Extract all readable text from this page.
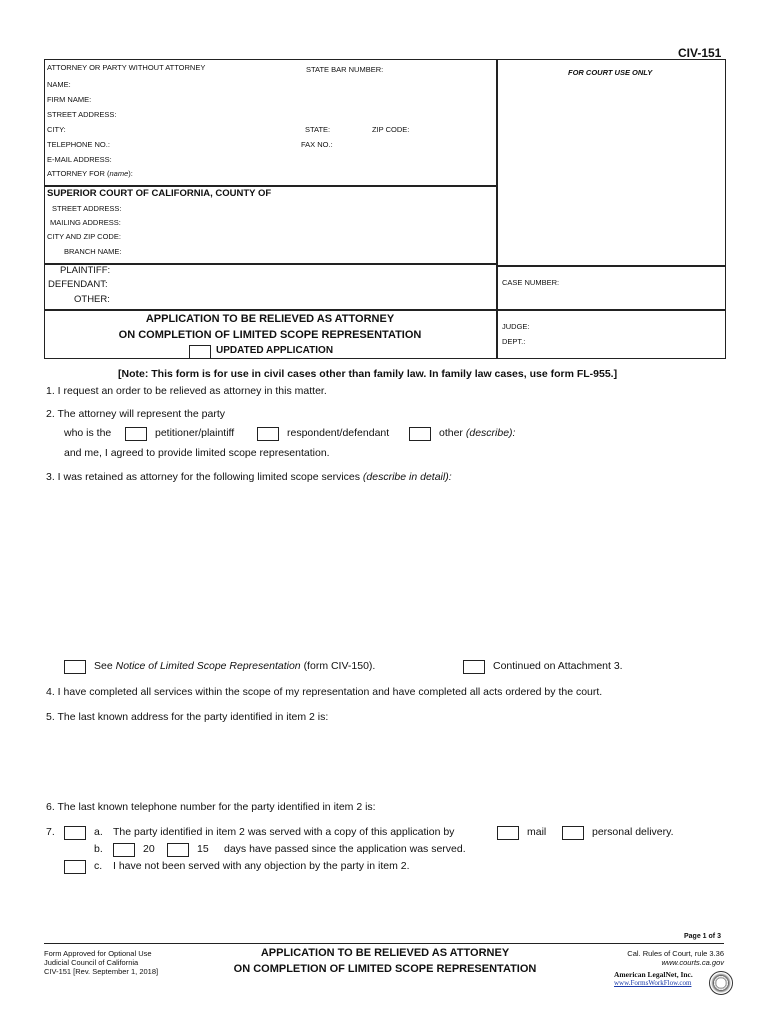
CIV-151
ATTORNEY OR PARTY WITHOUT ATTORNEY	STATE BAR NUMBER:
NAME:
FIRM NAME:
STREET ADDRESS:
CITY:	STATE:	ZIP CODE:
TELEPHONE NO.:	FAX NO.:
E-MAIL ADDRESS:
ATTORNEY FOR (name):
FOR COURT USE ONLY
SUPERIOR COURT OF CALIFORNIA, COUNTY OF
STREET ADDRESS:
MAILING ADDRESS:
CITY AND ZIP CODE:
BRANCH NAME:
PLAINTIFF:
DEFENDANT:
OTHER:
CASE NUMBER:
APPLICATION TO BE RELIEVED AS ATTORNEY
ON COMPLETION OF LIMITED SCOPE REPRESENTATION
UPDATED APPLICATION
JUDGE:
DEPT.:
[Note: This form is for use in civil cases other than family law. In family law cases, use form FL-955.]
1. I request an order to be relieved as attorney in this matter.
2. The attorney will represent the party
who is the	petitioner/plaintiff	respondent/defendant	other (describe):
and me, I agreed to provide limited scope representation.
3. I was retained as attorney for the following limited scope services (describe in detail):
See Notice of Limited Scope Representation (form CIV-150).	Continued on Attachment 3.
4. I have completed all services within the scope of my representation and have completed all acts ordered by the court.
5. The last known address for the party identified in item 2 is:
6. The last known telephone number for the party identified in item 2 is:
7.	a. The party identified in item 2 was served with a copy of this application by	mail	personal delivery.
b.	20	15 days have passed since the application was served.
c. I have not been served with any objection by the party in item 2.
Page 1 of 3
Form Approved for Optional Use
Judicial Council of California
CIV-151 [Rev. September 1, 2018]
APPLICATION TO BE RELIEVED AS ATTORNEY
ON COMPLETION OF LIMITED SCOPE REPRESENTATION
Cal. Rules of Court, rule 3.36
www.courts.ca.gov
American LegalNet, Inc.
www.FormsWorkFlow.com
